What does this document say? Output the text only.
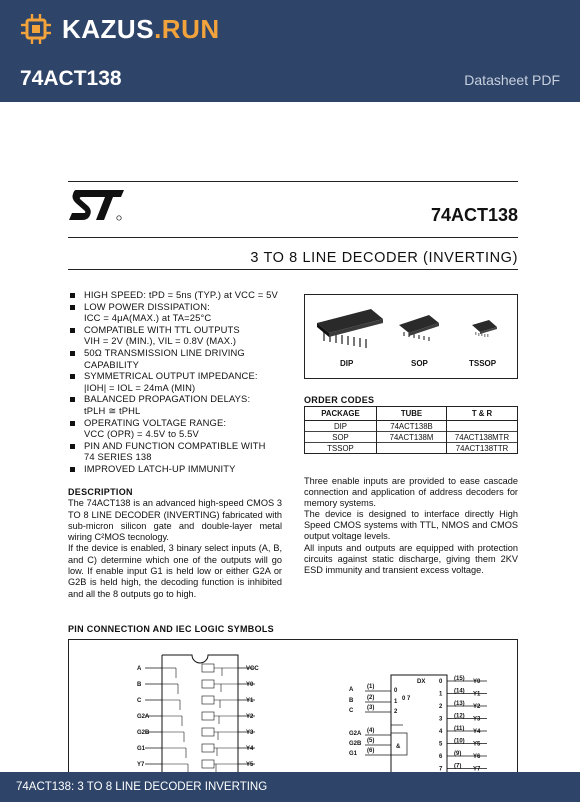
KAZUS .RUN
74ACT138	Datasheet PDF
74ACT138
3 TO 8 LINE DECODER (INVERTING)
HIGH SPEED: tPD = 5ns (TYP.) at VCC = 5V
LOW POWER DISSIPATION:
ICC = 4μA(MAX.) at TA=25°C
COMPATIBLE WITH TTL OUTPUTS
VIH = 2V (MIN.), VIL = 0.8V (MAX.)
50Ω TRANSMISSION LINE DRIVING
CAPABILITY
SYMMETRICAL OUTPUT IMPEDANCE:
|IOH| = IOL = 24mA (MIN)
BALANCED PROPAGATION DELAYS:
tPLH ≅ tPHL
OPERATING VOLTAGE RANGE:
VCC (OPR) = 4.5V to 5.5V
PIN AND FUNCTION COMPATIBLE WITH
74 SERIES 138
IMPROVED LATCH-UP IMMUNITY
DESCRIPTION

The 74ACT138 is an advanced high-speed CMOS 3 TO 8 LINE DECODER (INVERTING) fabricated with sub-micron silicon gate and double-layer metal wiring C²MOS tecnology.

If the device is enabled, 3 binary select inputs (A, B, and C) determine which one of the outputs will go low. If enable input G1 is held low or either G2A or G2B is held high, the decoding function is inhibited and all the 8 outputs go to high.

DIP	SOP	TSSOP
ORDER CODES
PACKAGE	TUBE	T & R
DIP	74ACT138B	
SOP	74ACT138M	74ACT138MTR
TSSOP		74ACT138TTR

Three enable inputs are provided to ease cascade connection and application of address decoders for memory systems.

The device is designed to interface directly High Speed CMOS systems with TTL, NMOS and CMOS output voltage levels.

All inputs and outputs are equipped with protection circuits against static discharge, giving them 2KV ESD immunity and transient excess voltage.

PIN CONNECTION AND IEC LOGIC SYMBOLS
A	VCC
B	Y0
C	Y1
G2A	Y2
G2B	Y3
G1	Y4
Y7	Y5
DX
0 7
&
A (1)
0
B (2)
1
C (3)
2
G2A (4)
G2B (5)
G1 (6)
0 (15) Y0
1 (14) Y1
2 (13) Y2
3 (12) Y3
4 (11) Y4
5 (10) Y5
6 (9) Y6
7 (7) Y7
74ACT138: 3 TO 8 LINE DECODER INVERTING
